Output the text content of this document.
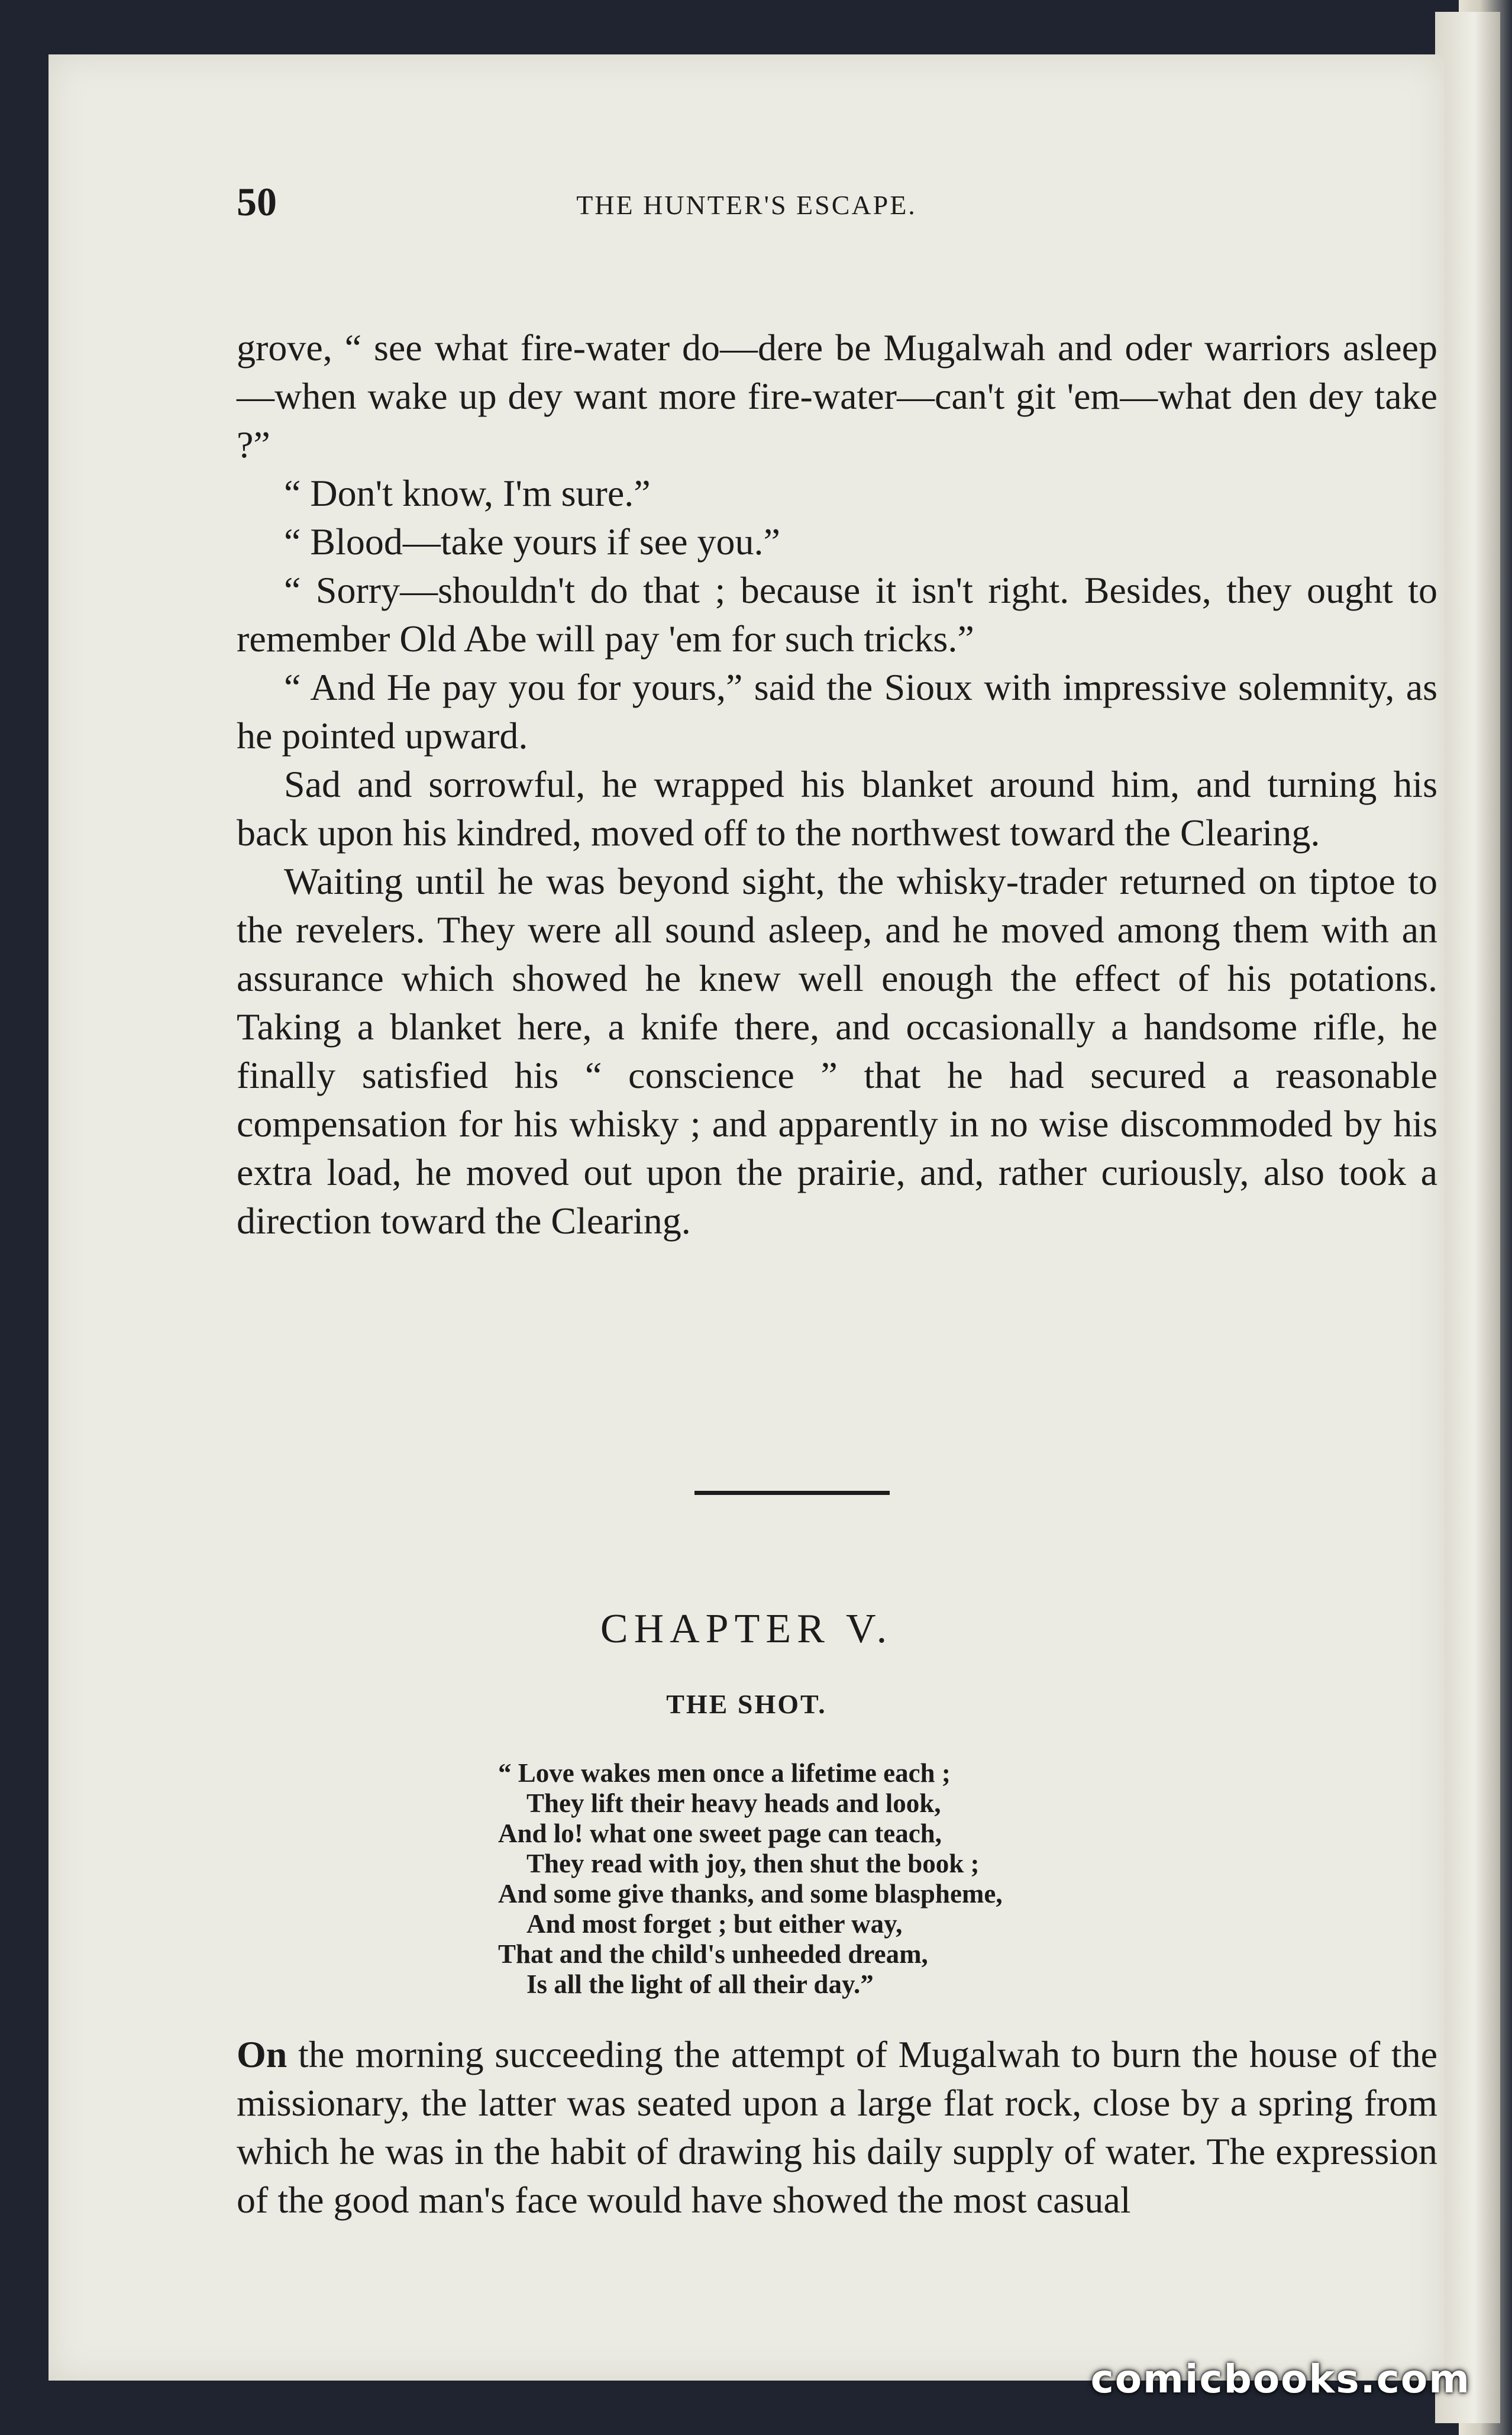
50	THE HUNTER'S ESCAPE.

grove, “ see what fire-water do—dere be Mugalwah and oder warriors asleep—when wake up dey want more fire-water—can't git 'em—what den dey take ?”

“ Don't know, I'm sure.”

“ Blood—take yours if see you.”

“ Sorry—shouldn't do that ; because it isn't right. Besides, they ought to remember Old Abe will pay 'em for such tricks.”

“ And He pay you for yours,” said the Sioux with impressive solemnity, as he pointed upward.

Sad and sorrowful, he wrapped his blanket around him, and turning his back upon his kindred, moved off to the northwest toward the Clearing.

Waiting until he was beyond sight, the whisky-trader returned on tiptoe to the revelers. They were all sound asleep, and he moved among them with an assurance which showed he knew well enough the effect of his potations. Taking a blanket here, a knife there, and occasionally a handsome rifle, he finally satisfied his “ conscience ” that he had secured a reasonable compensation for his whisky ; and apparently in no wise discommoded by his extra load, he moved out upon the prairie, and, rather curiously, also took a direction toward the Clearing.

CHAPTER V.
THE SHOT.
“ Love wakes men once a lifetime each ;
They lift their heavy heads and look,
And lo! what one sweet page can teach,
They read with joy, then shut the book ;
And some give thanks, and some blaspheme,
And most forget ; but either way,
That and the child's unheeded dream,
Is all the light of all their day.”

On the morning succeeding the attempt of Mugalwah to burn the house of the missionary, the latter was seated upon a large flat rock, close by a spring from which he was in the habit of drawing his daily supply of water. The expression of the good man's face would have showed the most casual

comicbooks.com
